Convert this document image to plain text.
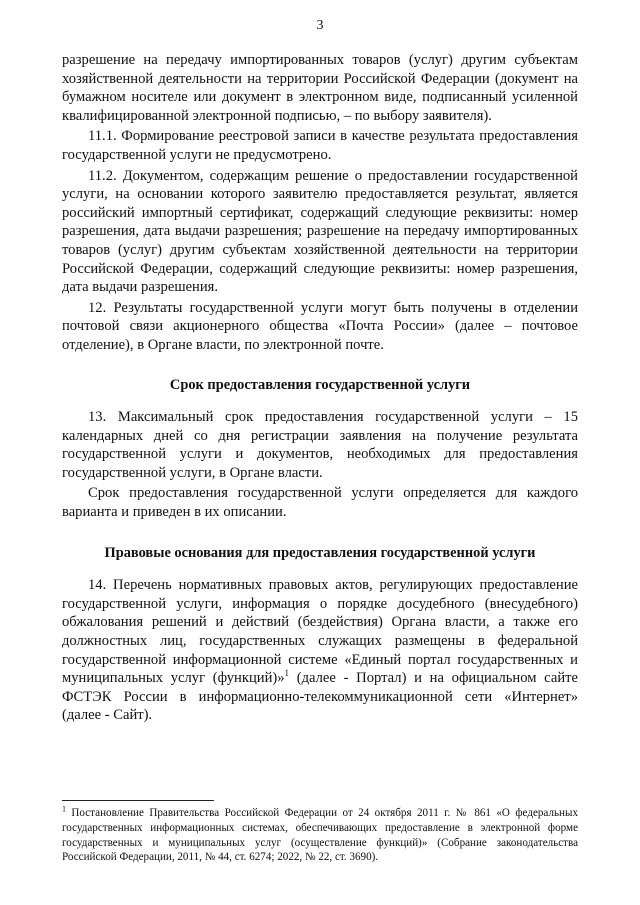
3

разрешение на передачу импортированных товаров (услуг) другим субъектам хозяйственной деятельности на территории Российской Федерации (документ на бумажном носителе или документ в электронном виде, подписанный усиленной квалифицированной электронной подписью, – по выбору заявителя).

11.1. Формирование реестровой записи в качестве результата предоставления государственной услуги не предусмотрено.

11.2. Документом, содержащим решение о предоставлении государственной услуги, на основании которого заявителю предоставляется результат, является российский импортный сертификат, содержащий следующие реквизиты: номер разрешения, дата выдачи разрешения; разрешение на передачу импортированных товаров (услуг) другим субъектам хозяйственной деятельности на территории Российской Федерации, содержащий следующие реквизиты: номер разрешения, дата выдачи разрешения.

12. Результаты государственной услуги могут быть получены в отделении почтовой связи акционерного общества «Почта России» (далее – почтовое отделение), в Органе власти, по электронной почте.

Срок предоставления государственной услуги

13. Максимальный срок предоставления государственной услуги – 15 календарных дней со дня регистрации заявления на получение результата государственной услуги и документов, необходимых для предоставления государственной услуги, в Органе власти.

Срок предоставления государственной услуги определяется для каждого варианта и приведен в их описании.

Правовые основания для предоставления государственной услуги

14. Перечень нормативных правовых актов, регулирующих предоставление государственной услуги, информация о порядке досудебного (внесудебного) обжалования решений и действий (бездействия) Органа власти, а также его должностных лиц, государственных служащих размещены в федеральной государственной информационной системе «Единый портал государственных и муниципальных услуг (функций)»$^1$ (далее - Портал) и на официальном сайте ФСТЭК России в информационно-телекоммуникационной сети «Интернет» (далее - Сайт).

$^1$ Постановление Правительства Российской Федерации от 24 октября 2011 г. № 861 «О федеральных государственных информационных системах, обеспечивающих предоставление в электронной форме государственных и муниципальных услуг (осуществление функций)» (Собрание законодательства Российской Федерации, 2011, № 44, ст. 6274; 2022, № 22, ст. 3690).
